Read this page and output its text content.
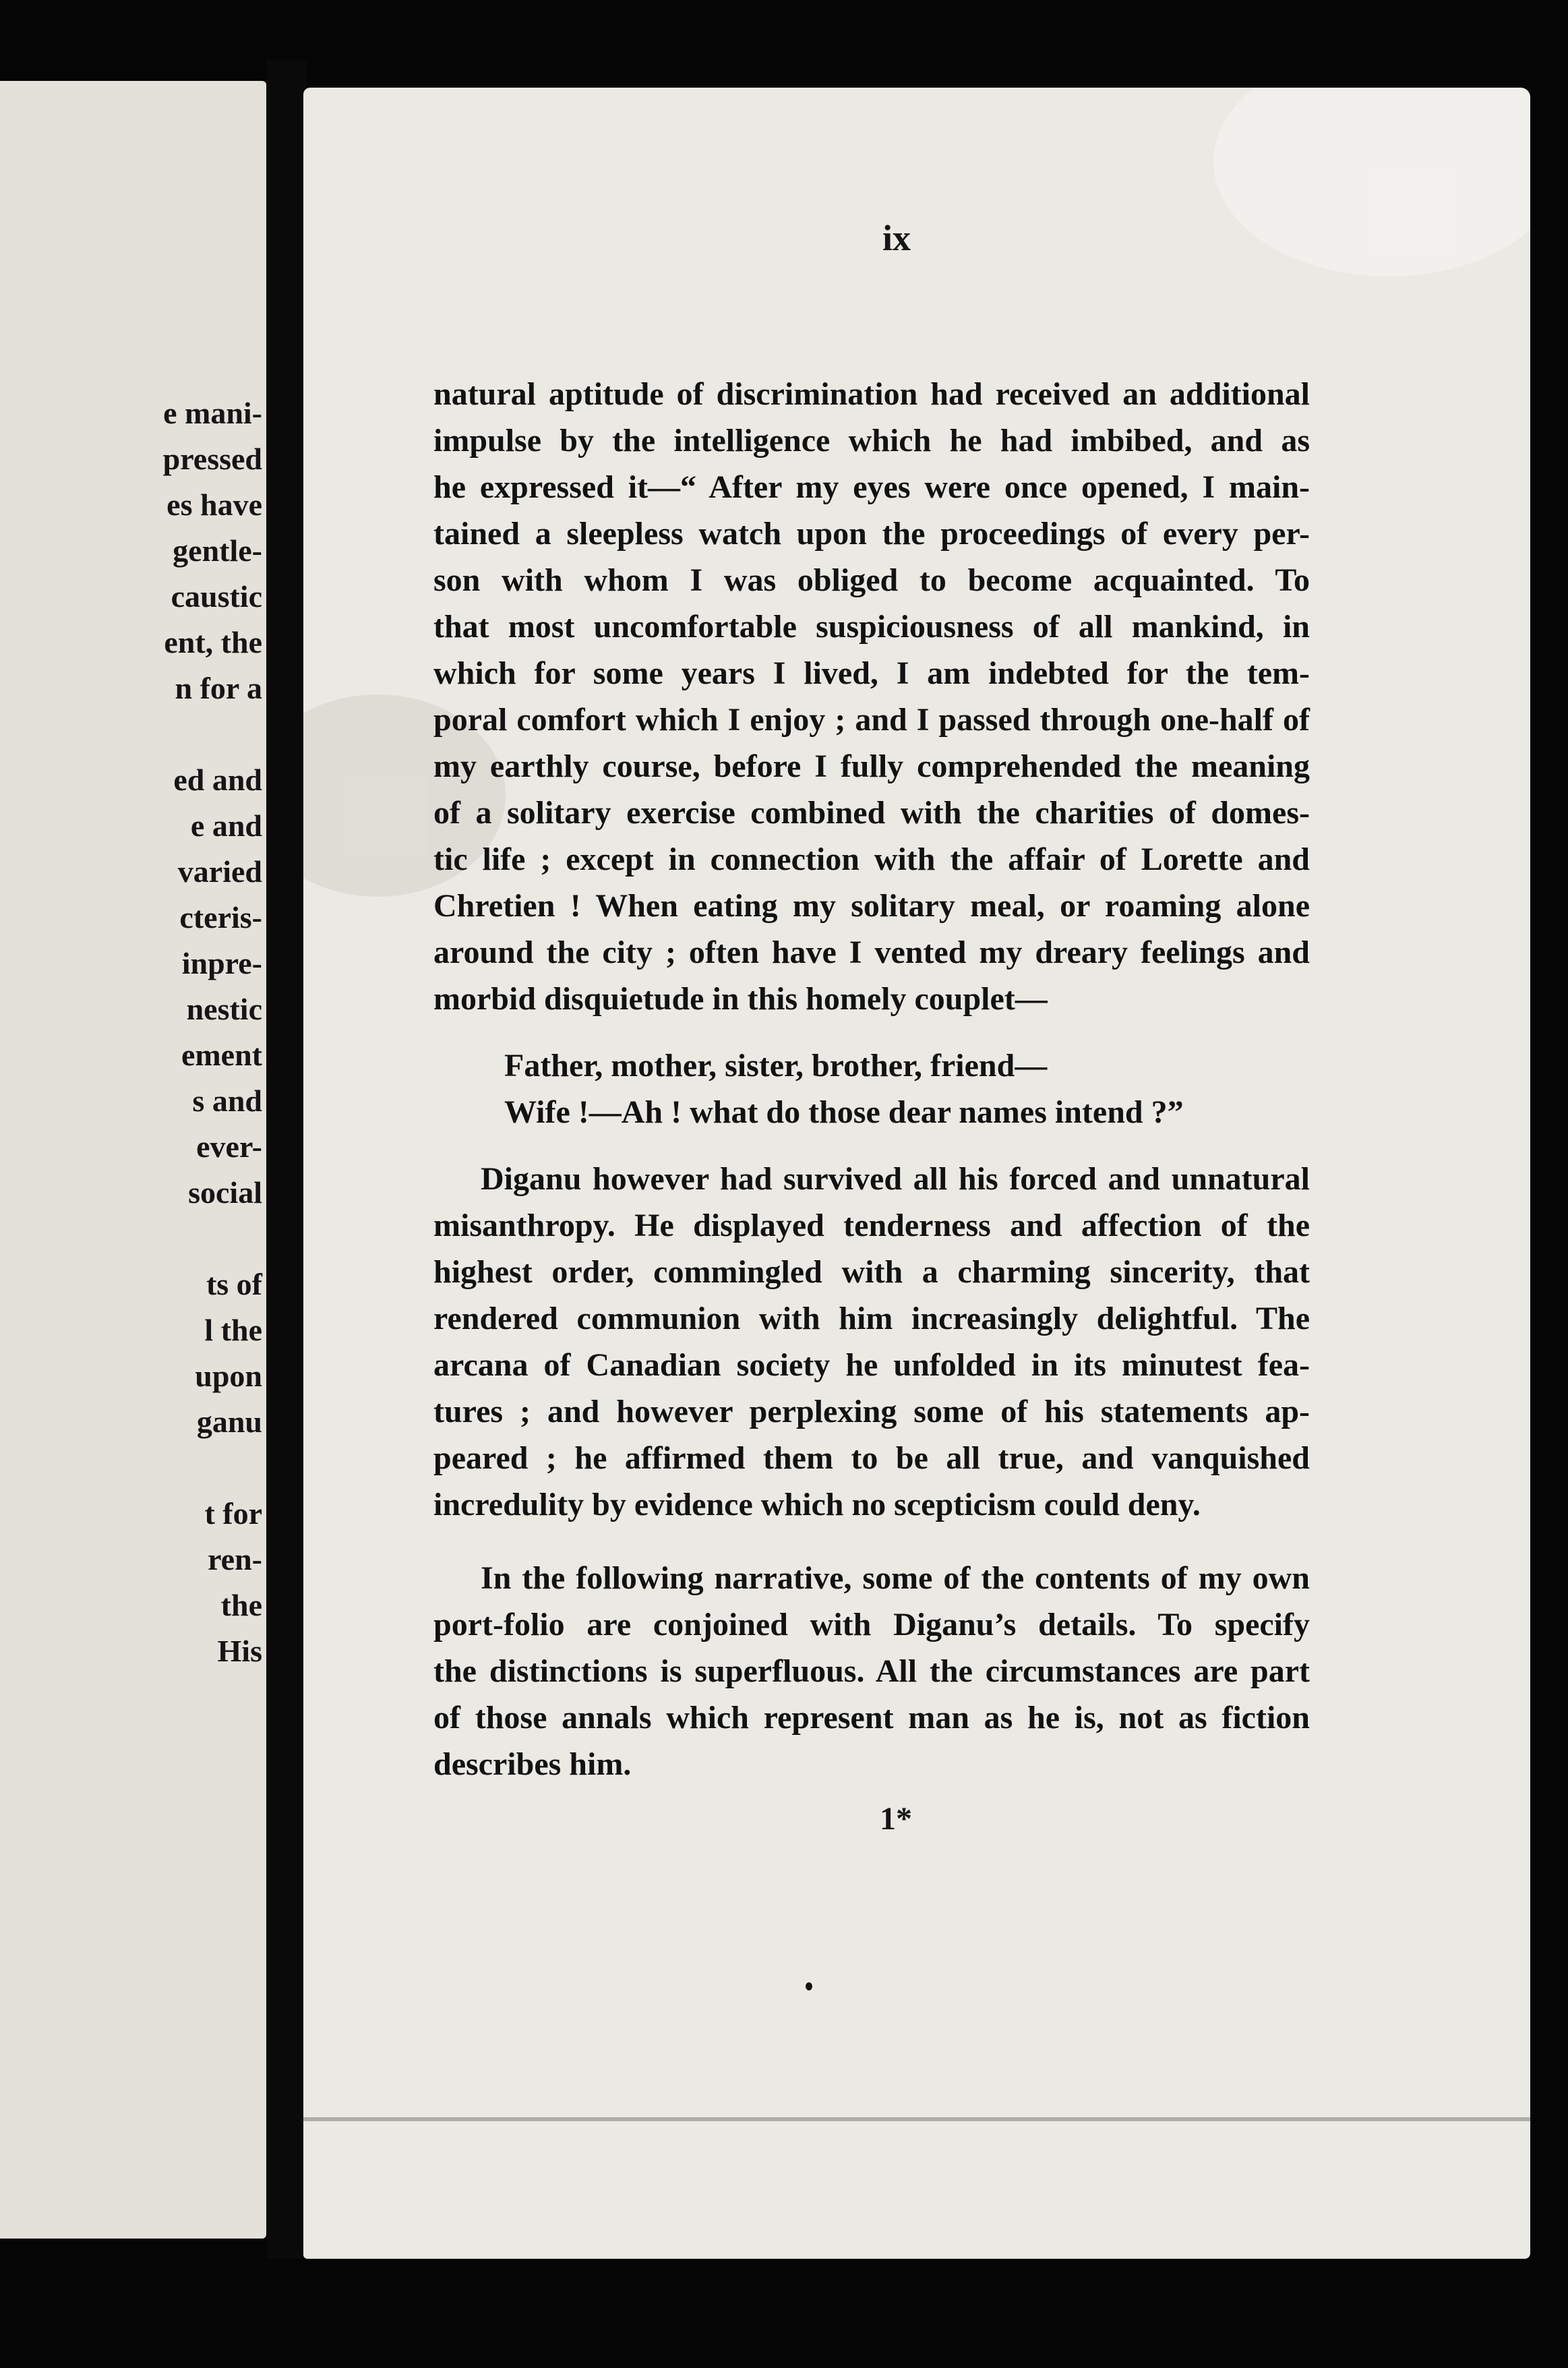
e mani-
pressed
es have
gentle-
caustic
ent, the
n for a
ed and
e and
varied
cteris-
inpre-
nestic
ement
s and
ever-
social
ts of
l the
upon
ganu
t for
ren-
the
His
ix
natural aptitude of discrimination had received an additional
impulse by the intelligence which he had imbibed, and as
he expressed it—“ After my eyes were once opened, I main-
tained a sleepless watch upon the proceedings of every per-
son with whom I was obliged to become acquainted. To
that most uncomfortable suspiciousness of all mankind, in
which for some years I lived, I am indebted for the tem-
poral comfort which I enjoy ; and I passed through one-half of
my earthly course, before I fully comprehended the meaning
of a solitary exercise combined with the charities of domes-
tic life ; except in connection with the affair of Lorette and
Chretien ! When eating my solitary meal, or roaming alone
around the city ; often have I vented my dreary feelings and
morbid disquietude in this homely couplet—
Father, mother, sister, brother, friend—
Wife !—Ah ! what do those dear names intend ?”
Diganu however had survived all his forced and unnatural
misanthropy. He displayed tenderness and affection of the
highest order, commingled with a charming sincerity, that
rendered communion with him increasingly delightful. The
arcana of Canadian society he unfolded in its minutest fea-
tures ; and however perplexing some of his statements ap-
peared ; he affirmed them to be all true, and vanquished
incredulity by evidence which no scepticism could deny.
In the following narrative, some of the contents of my own
port-folio are conjoined with Diganu’s details. To specify
the distinctions is superfluous. All the circumstances are part
of those annals which represent man as he is, not as fiction
describes him.
1*
